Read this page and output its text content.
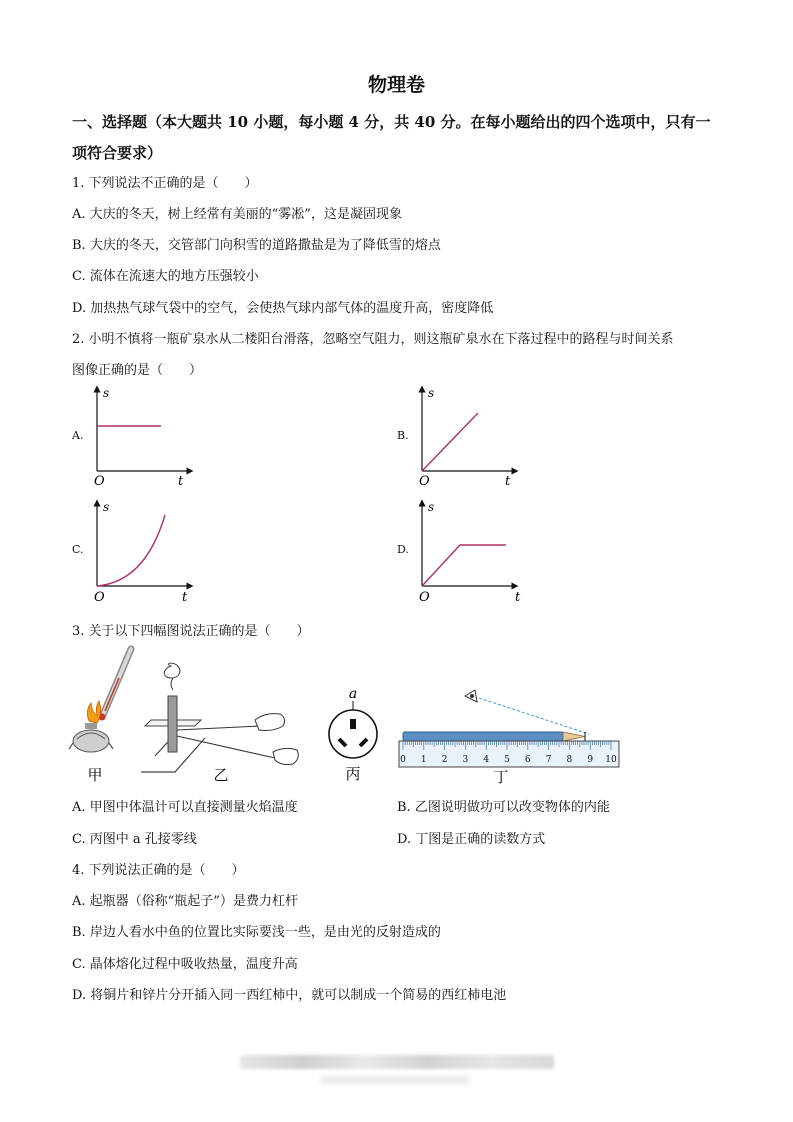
物理卷
一、选择题（本大题共 10 小题，每小题 4 分，共 40 分。在每小题给出的四个选项中，只有一项符合要求）
1. 下列说法不正确的是（　　）
A. 大庆的冬天，树上经常有美丽的“雾凇”，这是凝固现象
B. 大庆的冬天，交管部门向积雪的道路撒盐是为了降低雪的熔点
C. 流体在流速大的地方压强较小
D. 加热热气球气袋中的空气，会使热气球内部气体的温度升高，密度降低
2. 小明不慎将一瓶矿泉水从二楼阳台滑落，忽略空气阻力，则这瓶矿泉水在下落过程中的路程与时间关系
图像正确的是（　　）
A.
s
O	t
B.
s
O	t
C.
s
O	t
D.
s
O	t
3. 关于以下四幅图说法正确的是（　　）
甲	乙
a
丙
0 1 2 3 4 5 6 7 8 9 10
丁
A. 甲图中体温计可以直接测量火焰温度	B. 乙图说明做功可以改变物体的内能
C. 丙图中 a 孔接零线	D. 丁图是正确的读数方式
4. 下列说法正确的是（　　）
A. 起瓶器（俗称“瓶起子”）是费力杠杆
B. 岸边人看水中鱼的位置比实际要浅一些，是由光的反射造成的
C. 晶体熔化过程中吸收热量，温度升高
D. 将铜片和锌片分开插入同一西红柿中，就可以制成一个简易的西红柿电池
